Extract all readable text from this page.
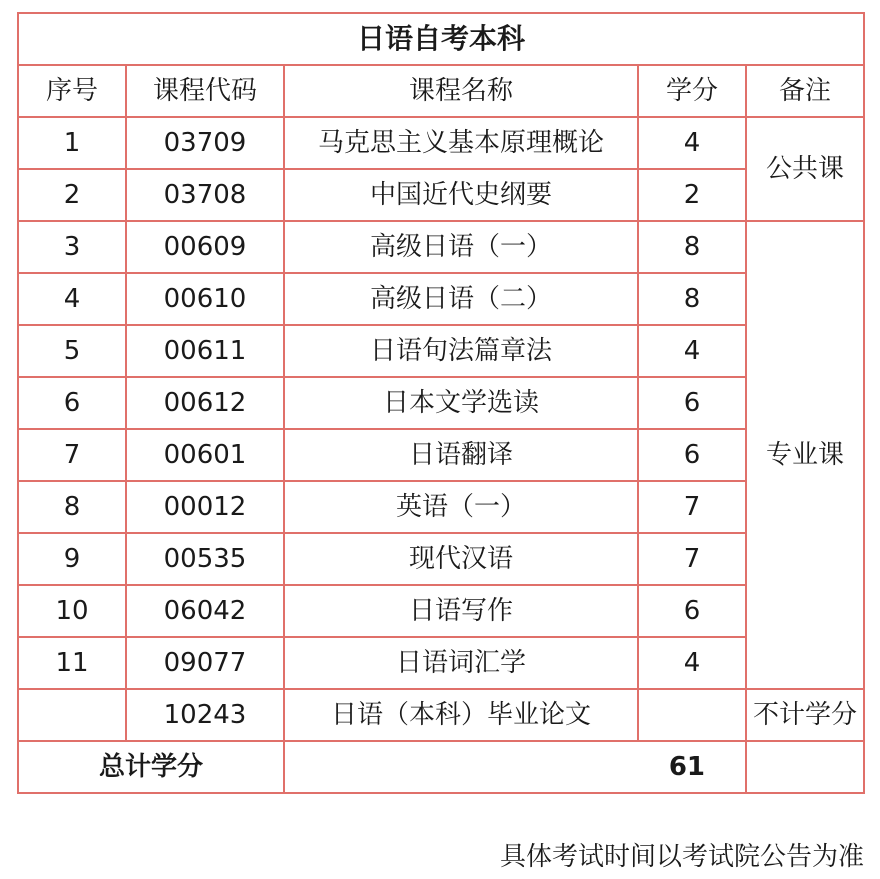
日语自考本科				
序号	课程代码	课程名称	学分	备注
1	03709	马克思主义基本原理概论	4	公共课
2	03708	中国近代史纲要	2	
3	00609	高级日语（一）	8	专业课
4	00610	高级日语（二）	8	
5	00611	日语句法篇章法	4	
6	00612	日本文学选读	6	
7	00601	日语翻译	6	
8	00012	英语（一）	7	
9	00535	现代汉语	7	
10	06042	日语写作	6	
11	09077	日语词汇学	4	
	10243	日语（本科）毕业论文		不计学分
总计学分		61		
具体考试时间以考试院公告为准
